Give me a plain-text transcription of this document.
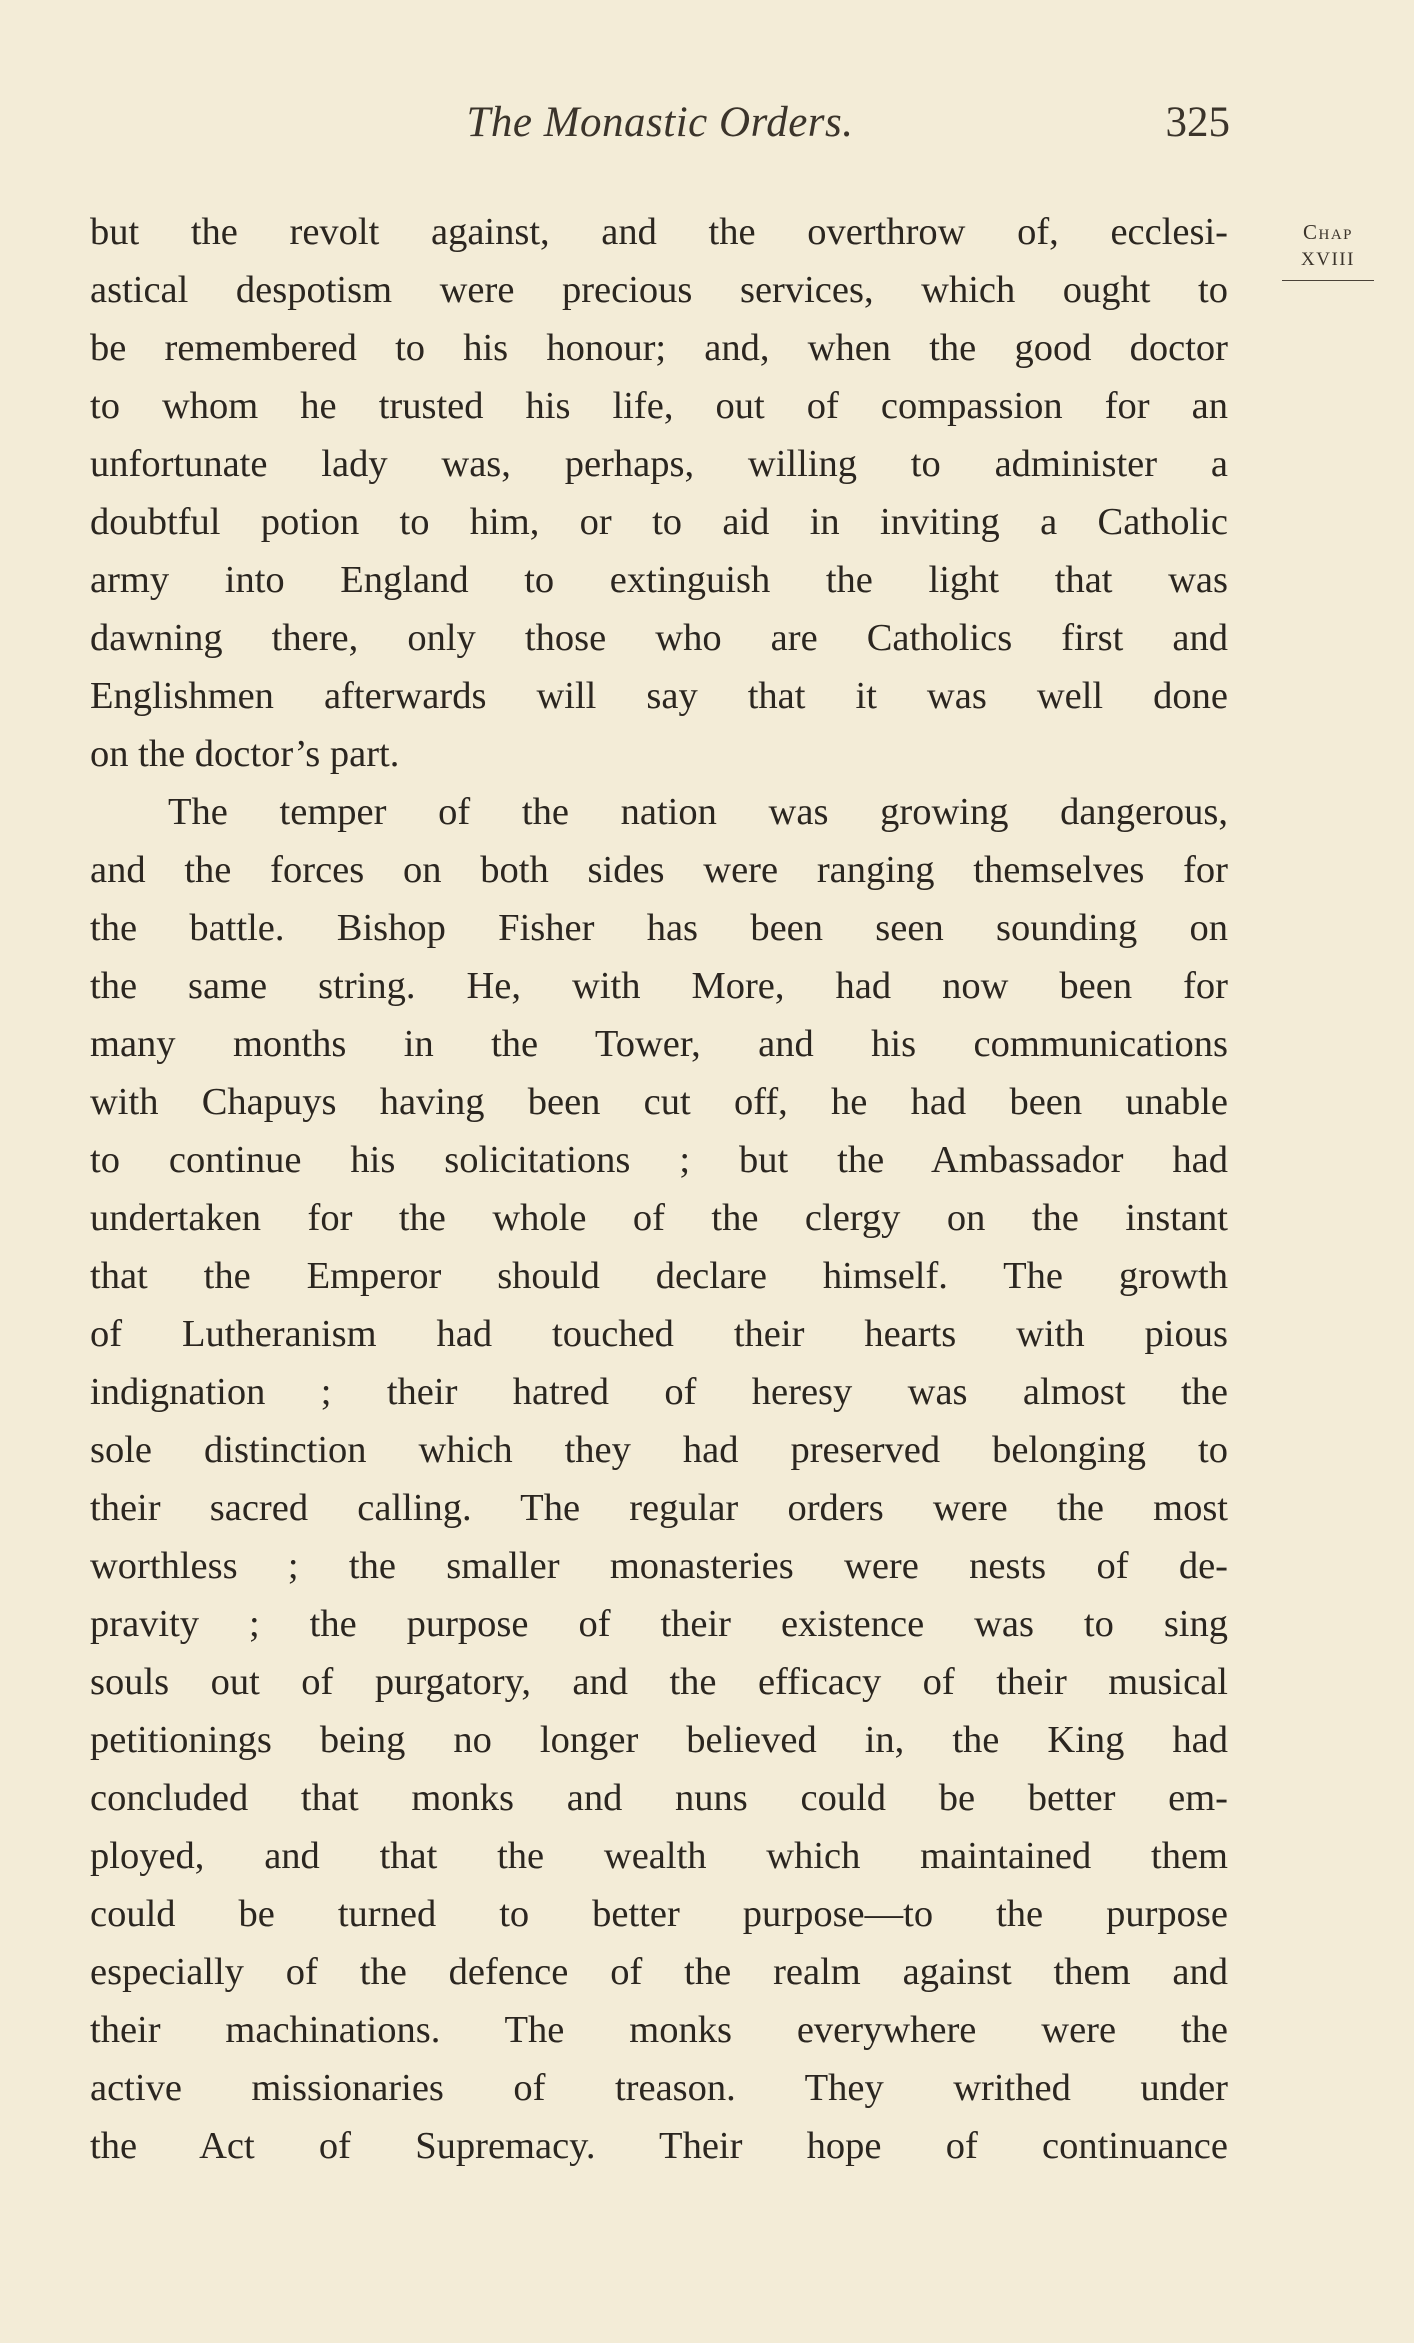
The Monastic Orders.	325
Chap
XVIII
but the revolt against, and the overthrow of, ecclesi-
astical despotism were precious services, which ought to
be remembered to his honour; and, when the good doctor
to whom he trusted his life, out of compassion for an
unfortunate lady was, perhaps, willing to administer a
doubtful potion to him, or to aid in inviting a Catholic
army into England to extinguish the light that was
dawning there, only those who are Catholics first and
Englishmen afterwards will say that it was well done
on the doctor’s part.
The temper of the nation was growing dangerous,
and the forces on both sides were ranging themselves for
the battle. Bishop Fisher has been seen sounding on
the same string. He, with More, had now been for
many months in the Tower, and his communications
with Chapuys having been cut off, he had been unable
to continue his solicitations ; but the Ambassador had
undertaken for the whole of the clergy on the instant
that the Emperor should declare himself. The growth
of Lutheranism had touched their hearts with pious
indignation ; their hatred of heresy was almost the
sole distinction which they had preserved belonging to
their sacred calling. The regular orders were the most
worthless ; the smaller monasteries were nests of de-
pravity ; the purpose of their existence was to sing
souls out of purgatory, and the efficacy of their musical
petitionings being no longer believed in, the King had
concluded that monks and nuns could be better em-
ployed, and that the wealth which maintained them
could be turned to better purpose—to the purpose
especially of the defence of the realm against them and
their machinations. The monks everywhere were the
active missionaries of treason. They writhed under
the Act of Supremacy. Their hope of continuance
